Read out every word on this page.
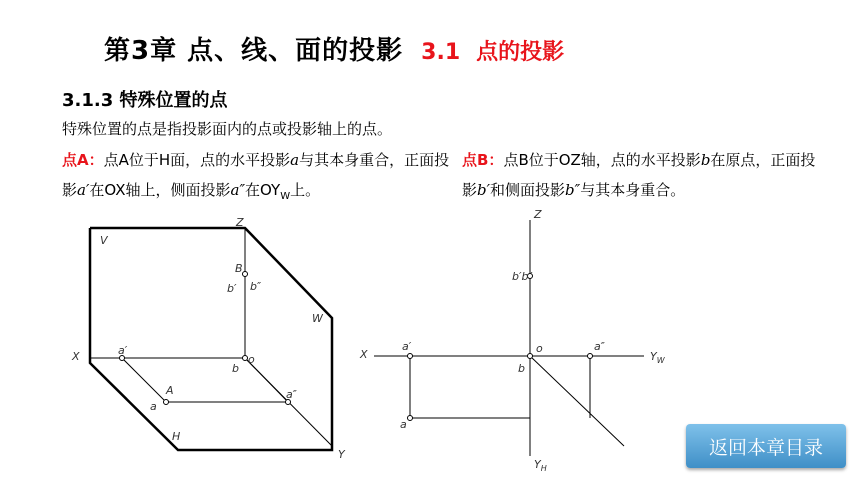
第3章 点、线、面的投影 3.1 点的投影
3.1.3 特殊位置的点
特殊位置的点是指投影面内的点或投影轴上的点。
点A：点A位于H面，点的水平投影a与其本身重合，正面投影a′在OX轴上，侧面投影a″在$OY_W$上。
点B：点B位于OZ轴，点的水平投影b在原点，正面投影b′和侧面投影b″与其本身重合。
V
Z
B
b′ b″
W
X	a′
o
b
A
a
a″
H
Y
Z
b′b″
X
a′	o
b
a″
$Y_W$
a
$Y_H$
返回本章目录
